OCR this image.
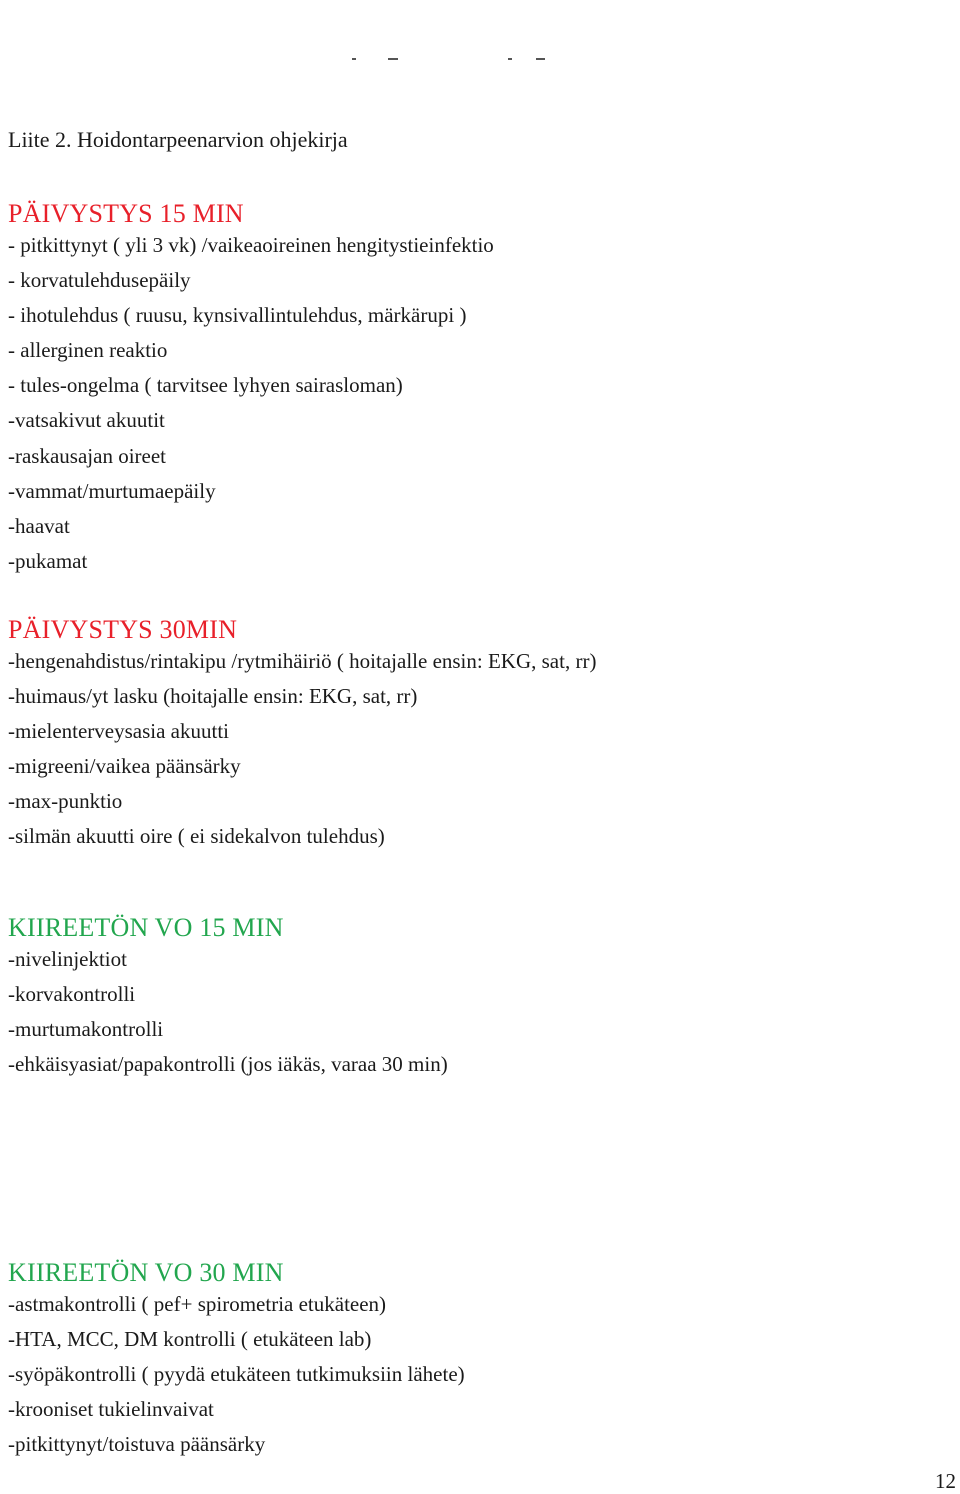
Liite 2. Hoidontarpeenarvion ohjekirja
PÄIVYSTYS 15 MIN
- pitkittynyt ( yli 3 vk) /vaikeaoireinen hengitystieinfektio
- korvatulehdusepäily
- ihotulehdus ( ruusu, kynsivallintulehdus, märkärupi )
- allerginen reaktio
- tules-ongelma ( tarvitsee lyhyen sairasloman)
-vatsakivut akuutit
-raskausajan oireet
-vammat/murtumaepäily
-haavat
-pukamat
PÄIVYSTYS 30MIN
-hengenahdistus/rintakipu /rytmihäiriö ( hoitajalle ensin: EKG, sat, rr)
-huimaus/yt lasku (hoitajalle ensin: EKG, sat, rr)
-mielenterveysasia akuutti
-migreeni/vaikea päänsärky
-max-punktio
-silmän akuutti oire ( ei sidekalvon tulehdus)
KIIREETÖN VO 15 MIN
-nivelinjektiot
-korvakontrolli
-murtumakontrolli
-ehkäisyasiat/papakontrolli (jos iäkäs, varaa 30 min)
KIIREETÖN VO 30 MIN
-astmakontrolli ( pef+ spirometria etukäteen)
-HTA, MCC, DM kontrolli ( etukäteen lab)
-syöpäkontrolli ( pyydä etukäteen tutkimuksiin lähete)
-krooniset tukielinvaivat
-pitkittynyt/toistuva päänsärky
12
